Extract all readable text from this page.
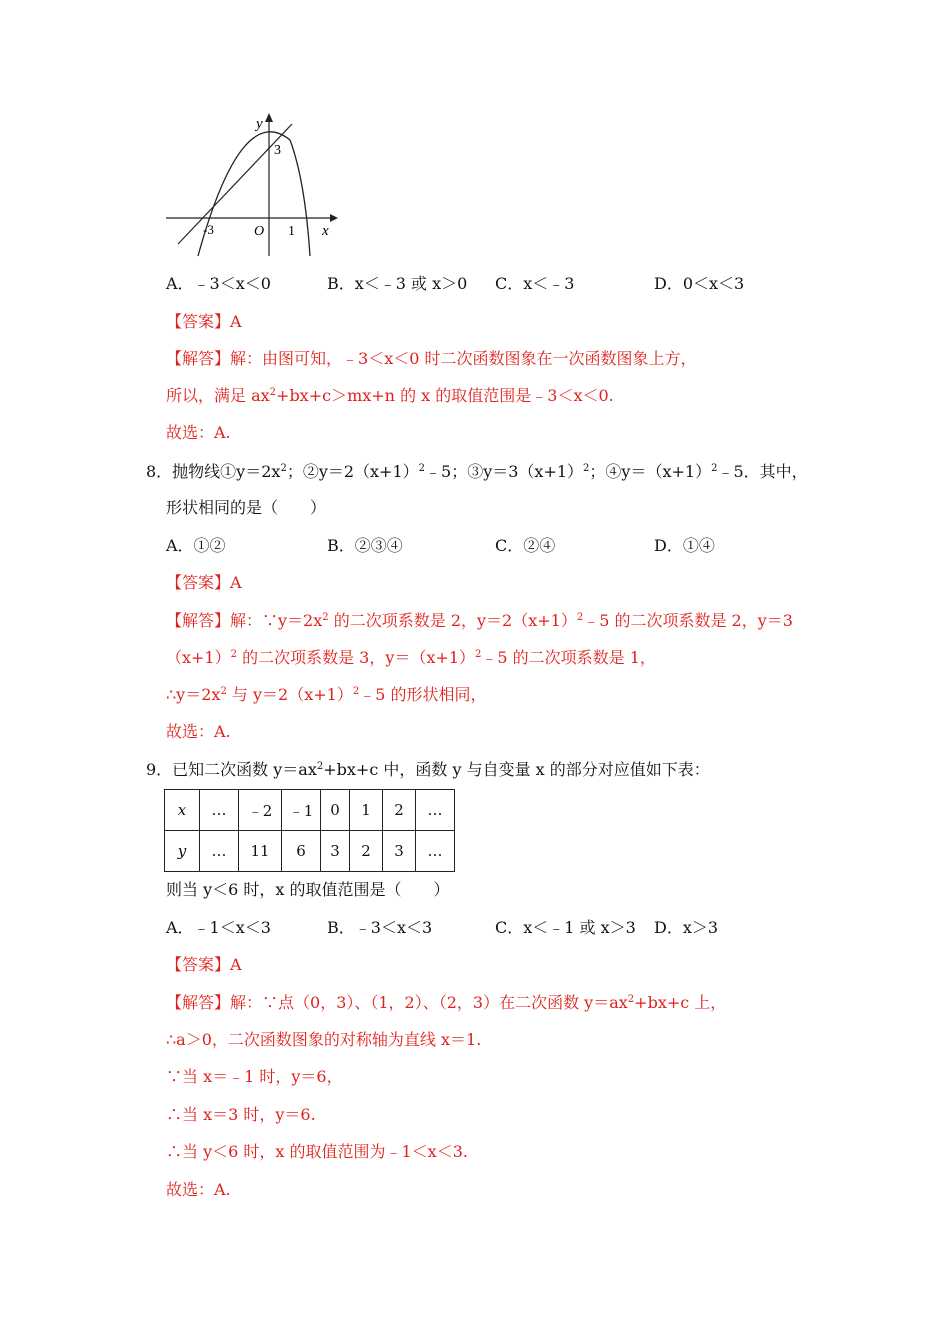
y
3
-3	O 1 x
A．﹣3＜x＜0	B．x＜﹣3 或 x＞0 C．x＜﹣3	D．0＜x＜3
【答案】A
【解答】解：由图可知，﹣3＜x＜0 时二次函数图象在一次函数图象上方，
所以，满足 $ax^2+bx+c>mx+n$ 的 x 的取值范围是﹣3＜x＜0.
故选：A.
8．抛物线$①y=2x^2$；$②y=2(x+1)^2﹣5$；$③y=3(x+1)^2$；$④y=(x+1)^2﹣5$．其中，
形状相同的是（　　）
A．①②	B．②③④	C．②④	D．①④
【答案】A
【解答】解：$\because y=2x^2$ 的二次项系数是 2，$y=2(x+1)^2﹣5$ 的二次项系数是 2，y＝3
$(x+1)^2$ 的二次项系数是 3，$y=(x+1)^2﹣5$ 的二次项系数是 1，
$\therefore y=2x^2$ 与 $y=2(x+1)^2﹣5$ 的形状相同，
故选：A.
9．已知二次函数 $y=ax^2+bx+c$ 中，函数 y 与自变量 x 的部分对应值如下表：
x	…	﹣2	﹣1	0	1	2	…
y	…	11	6	3	2	3	…
则当 y＜6 时，x 的取值范围是（　　）
A．﹣1＜x＜3	B．﹣3＜x＜3	C．x＜﹣1 或 x＞3 D．x＞3
【答案】A
【解答】解：∵点（0，3）、（1，2）、（2，3）在二次函数 $y=ax^2+bx+c$ 上，
∴a＞0，二次函数图象的对称轴为直线 x＝1.
∵当 x＝﹣1 时，y＝6，
∴当 x＝3 时，y＝6.
∴当 y＜6 时，x 的取值范围为﹣1＜x＜3.
故选：A.
